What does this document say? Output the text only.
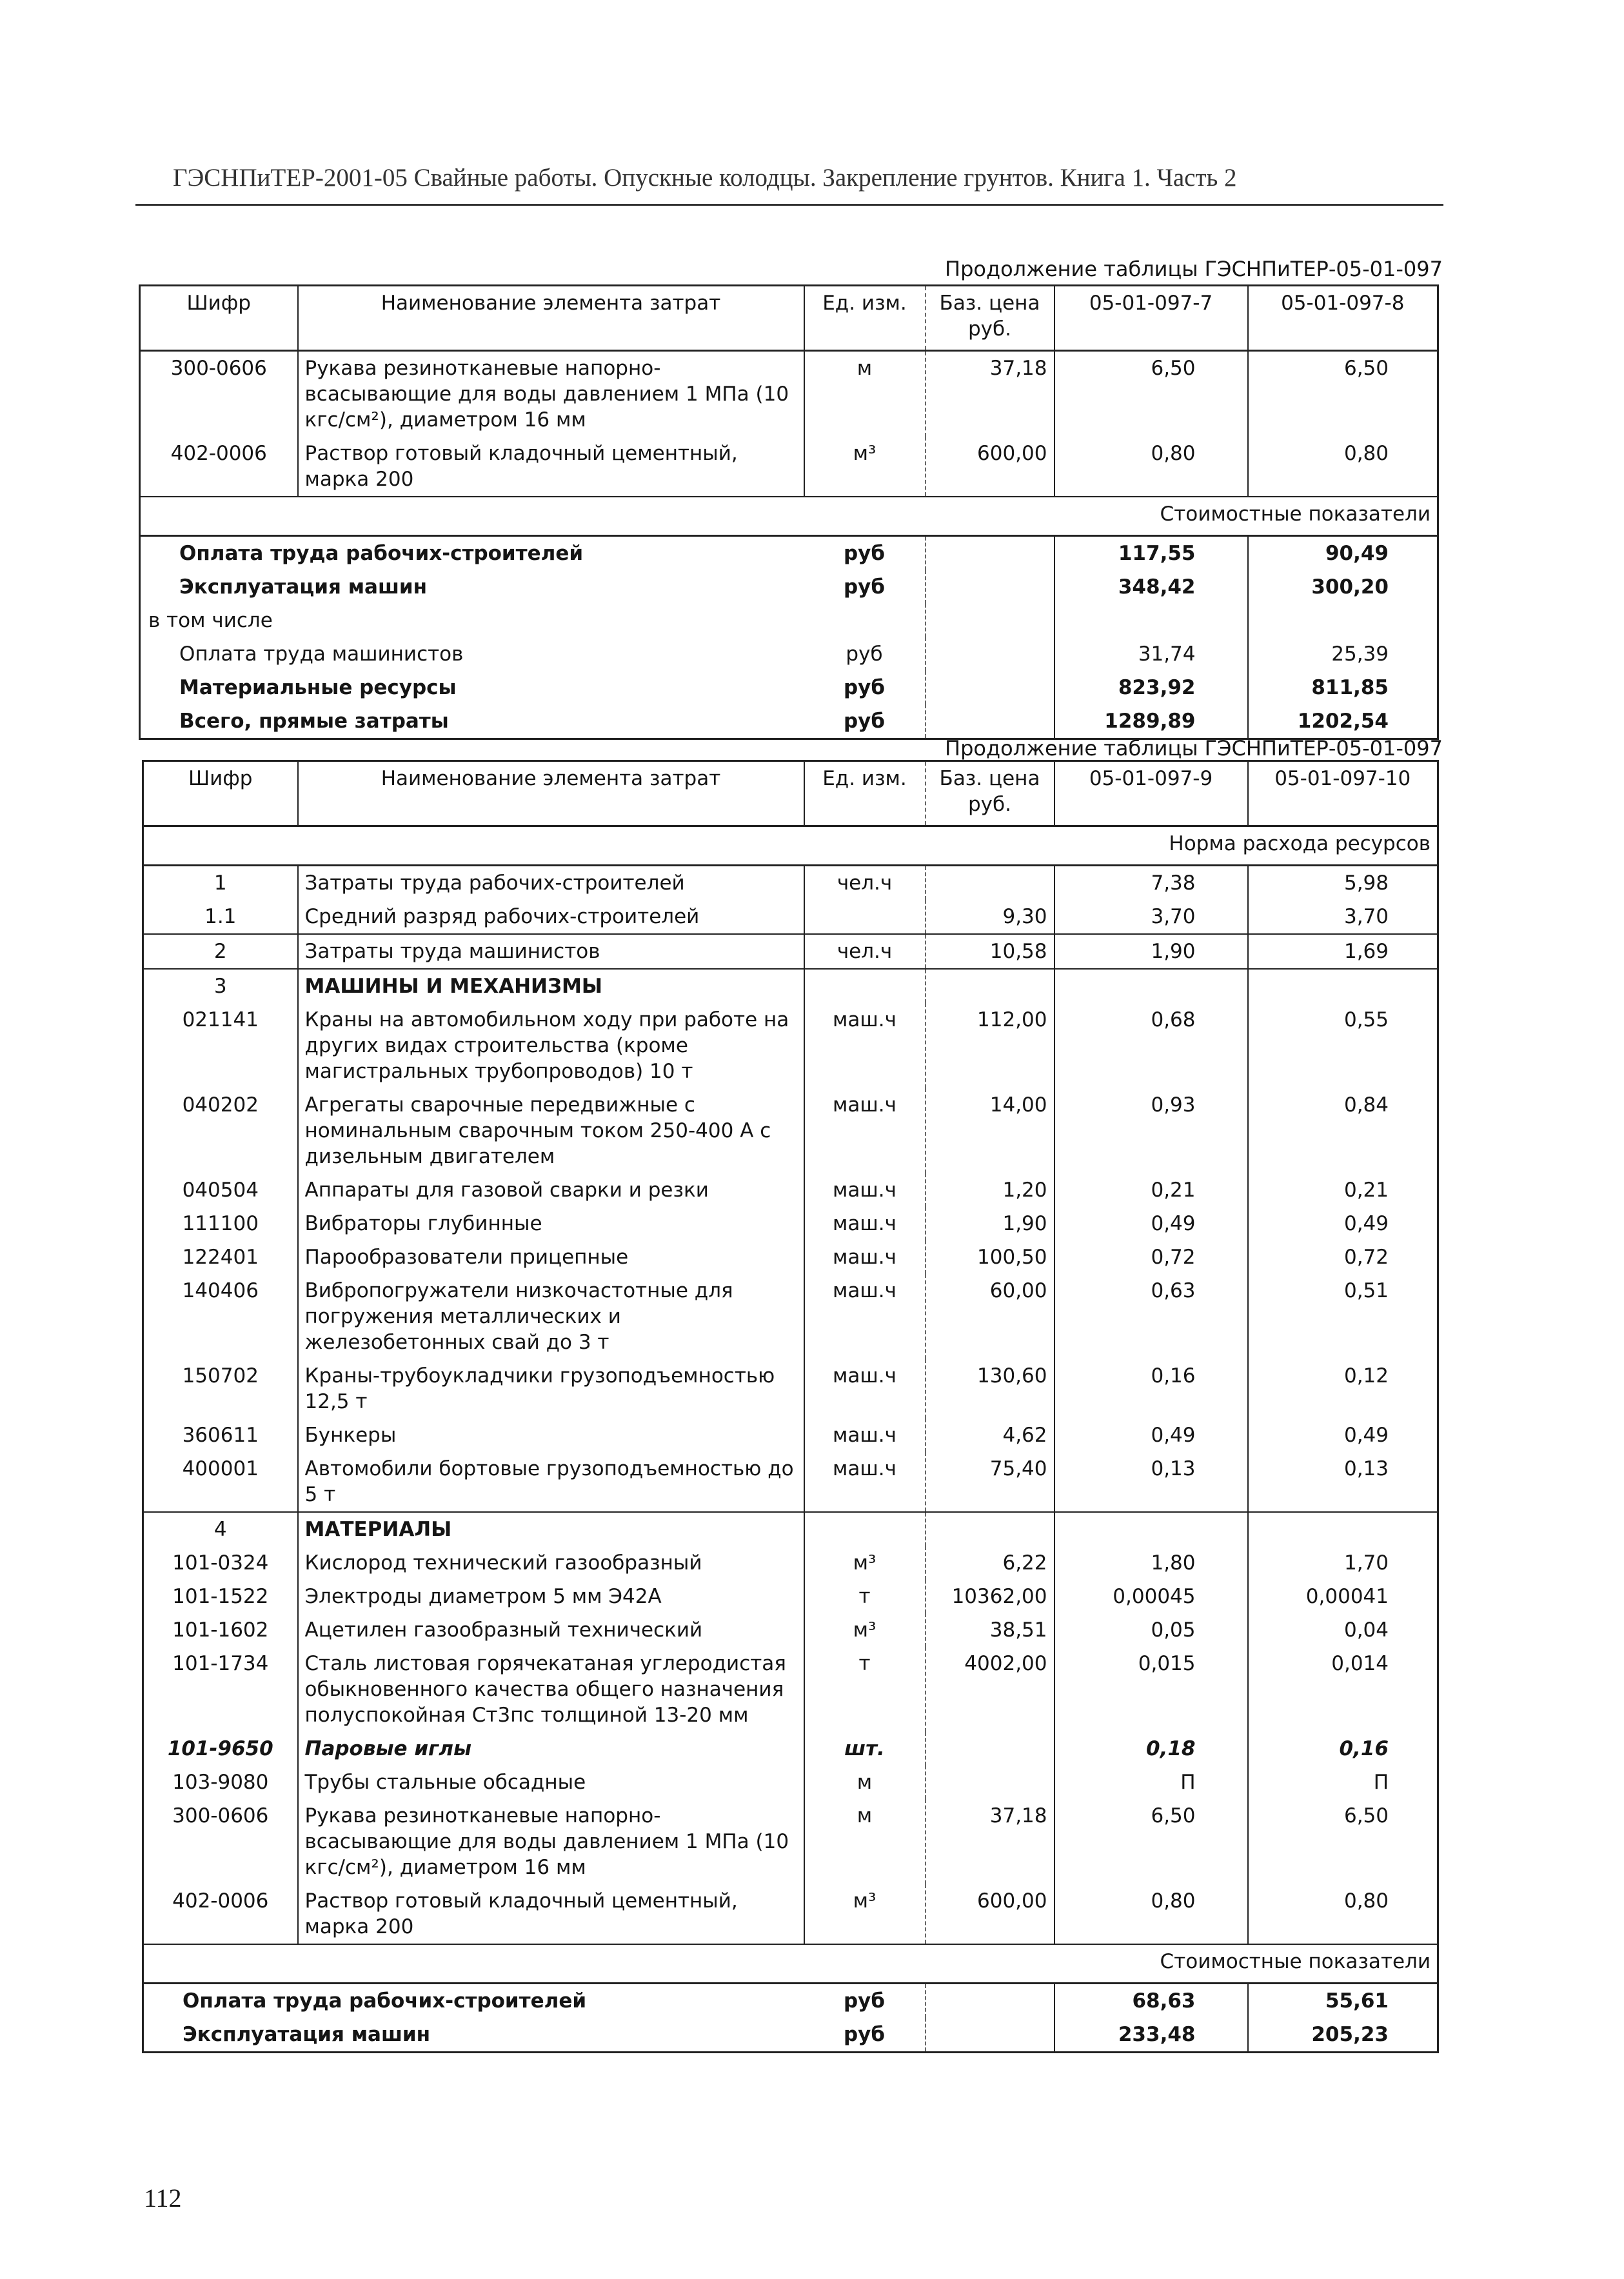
ГЭСНПиТЕР-2001-05 Свайные работы. Опускные колодцы. Закрепление грунтов. Книга 1. Часть 2
Продолжение таблицы ГЭСНПиТЕР-05-01-097
Шифр	Наименование элемента затрат	Ед. изм.	Баз. цена руб.	05-01-097-7	05-01-097-8
300-0606	Рукава резинотканевые напорно-всасывающие для воды давлением 1 МПа (10 кгс/см²), диаметром 16 мм	м	37,18	6,50	6,50
402-0006	Раствор готовый кладочный цементный, марка 200	м³	600,00	0,80	0,80
Стоимостные показатели					
Оплата труда рабочих-строителей		руб		117,55	90,49
Эксплуатация машин		руб		348,42	300,20
в том числе					
Оплата труда машинистов		руб		31,74	25,39
Материальные ресурсы		руб		823,92	811,85
Всего, прямые затраты		руб		1289,89	1202,54
Продолжение таблицы ГЭСНПиТЕР-05-01-097
Шифр	Наименование элемента затрат	Ед. изм.	Баз. цена руб.	05-01-097-9	05-01-097-10
Норма расхода ресурсов					
1	Затраты труда рабочих-строителей	чел.ч		7,38	5,98
1.1	Средний разряд рабочих-строителей		9,30	3,70	3,70
2	Затраты труда машинистов	чел.ч	10,58	1,90	1,69
3	МАШИНЫ И МЕХАНИЗМЫ				
021141	Краны на автомобильном ходу при работе на других видах строительства (кроме магистральных трубопроводов) 10 т	маш.ч	112,00	0,68	0,55
040202	Агрегаты сварочные передвижные с номинальным сварочным током 250-400 А с дизельным двигателем	маш.ч	14,00	0,93	0,84
040504	Аппараты для газовой сварки и резки	маш.ч	1,20	0,21	0,21
111100	Вибраторы глубинные	маш.ч	1,90	0,49	0,49
122401	Парообразователи прицепные	маш.ч	100,50	0,72	0,72
140406	Вибропогружатели низкочастотные для погружения металлических и железобетонных свай до 3 т	маш.ч	60,00	0,63	0,51
150702	Краны-трубоукладчики грузоподъемностью 12,5 т	маш.ч	130,60	0,16	0,12
360611	Бункеры	маш.ч	4,62	0,49	0,49
400001	Автомобили бортовые грузоподъемностью до 5 т	маш.ч	75,40	0,13	0,13
4	МАТЕРИАЛЫ				
101-0324	Кислород технический газообразный	м³	6,22	1,80	1,70
101-1522	Электроды диаметром 5 мм Э42А	т	10362,00	0,00045	0,00041
101-1602	Ацетилен газообразный технический	м³	38,51	0,05	0,04
101-1734	Сталь листовая горячекатаная углеродистая обыкновенного качества общего назначения полуспокойная Ст3пс толщиной 13-20 мм	т	4002,00	0,015	0,014
101-9650	Паровые иглы	шт.		0,18	0,16
103-9080	Трубы стальные обсадные	м		П	П
300-0606	Рукава резинотканевые напорно-всасывающие для воды давлением 1 МПа (10 кгс/см²), диаметром 16 мм	м	37,18	6,50	6,50
402-0006	Раствор готовый кладочный цементный, марка 200	м³	600,00	0,80	0,80
Стоимостные показатели					
Оплата труда рабочих-строителей		руб		68,63	55,61
Эксплуатация машин		руб		233,48	205,23
112
